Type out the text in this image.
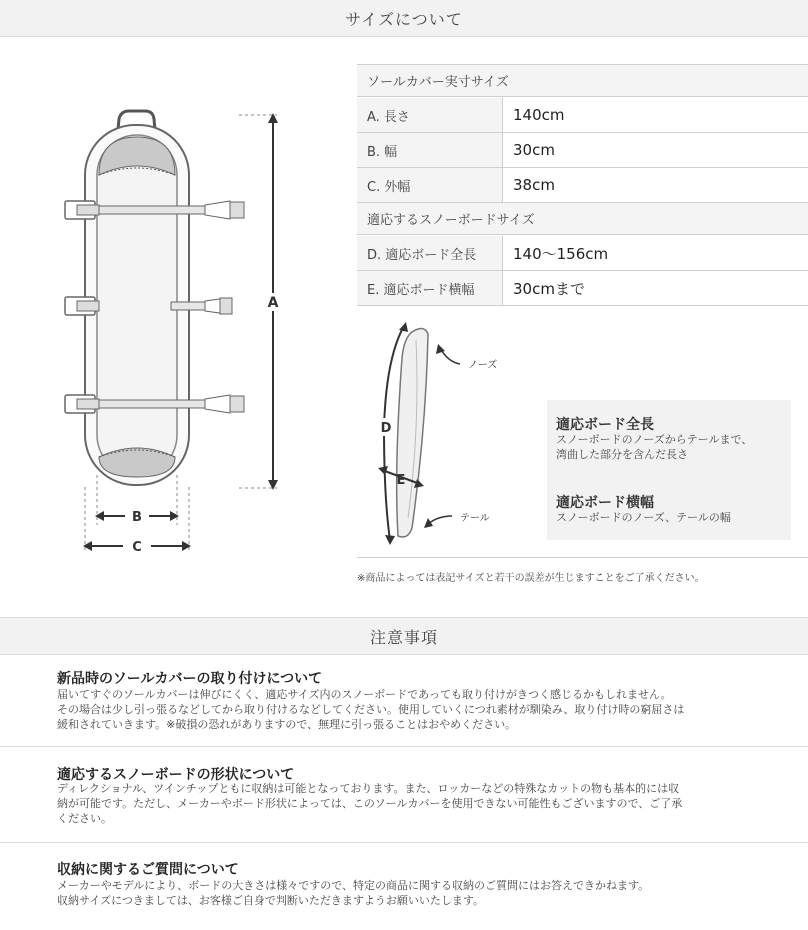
サイズについて
A
B
C
ソールカバー実寸サイズ
A. 長さ	140cm
B. 幅	30cm
C. 外幅	38cm
適応するスノーボードサイズ
D. 適応ボード全長	140〜156cm
E. 適応ボード横幅	30cmまで
D
E
ノーズ
テール
適応ボード全長
スノーボードのノーズからテールまで、
湾曲した部分を含んだ長さ
適応ボード横幅
スノーボードのノーズ、テールの幅
※商品によっては表記サイズと若干の誤差が生じますことをご了承ください。
注意事項
新品時のソールカバーの取り付けについて
届いてすぐのソールカバーは伸びにくく、適応サイズ内のスノーボードであっても取り付けがきつく感じるかもしれません。
その場合は少し引っ張るなどしてから取り付けるなどしてください。使用していくにつれ素材が馴染み、取り付け時の窮屈さは
緩和されていきます。※破損の恐れがありますので、無理に引っ張ることはおやめください。
適応するスノーボードの形状について
ディレクショナル、ツインチップともに収納は可能となっております。また、ロッカーなどの特殊なカットの物も基本的には収
納が可能です。ただし、メーカーやボード形状によっては、このソールカバーを使用できない可能性もございますので、ご了承
ください。
収納に関するご質問について
メーカーやモデルにより、ボードの大きさは様々ですので、特定の商品に関する収納のご質問にはお答えできかねます。
収納サイズにつきましては、お客様ご自身で判断いただきますようお願いいたします。
